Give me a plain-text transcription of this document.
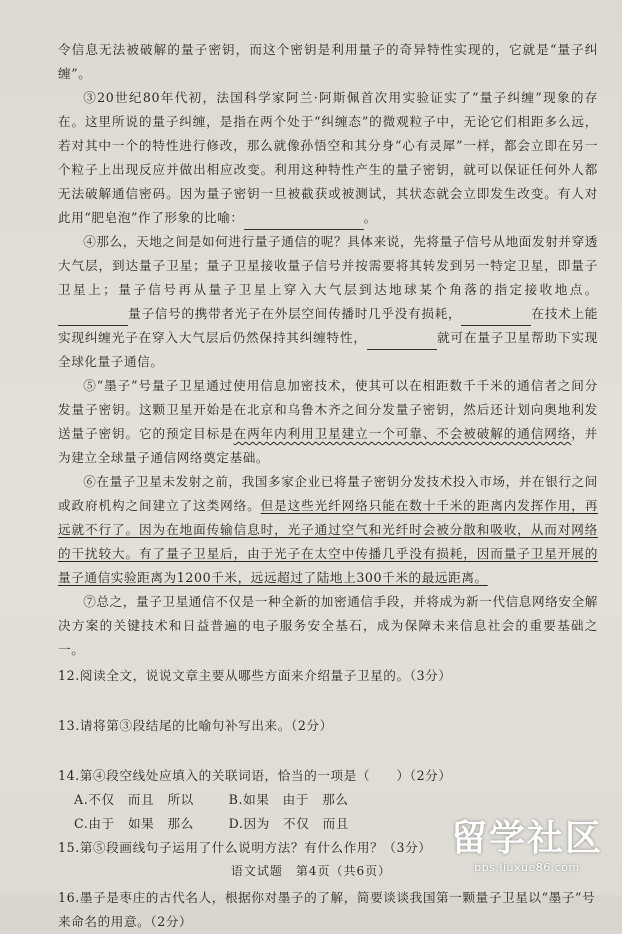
令信息无法被破解的量子密钥，而这个密钥是利用量子的奇异特性实现的，它就是“量子纠缠”。

③20世纪80年代初，法国科学家阿兰·阿斯佩首次用实验证实了“量子纠缠”现象的存在。这里所说的量子纠缠，是指在两个处于“纠缠态”的微观粒子中，无论它们相距多么远，若对其中一个的特性进行修改，那么就像孙悟空和其分身“心有灵犀”一样，都会立即在另一个粒子上出现反应并做出相应改变。利用这种特性产生的量子密钥，就可以保证任何外人都无法破解通信密码。因为量子密钥一旦被截获或被测试，其状态就会立即发生改变。有人对此用“肥皂泡”作了形象的比喻：	。

④那么，天地之间是如何进行量子通信的呢？具体来说，先将量子信号从地面发射并穿透大气层，到达量子卫星；量子卫星接收量子信号并按需要将其转发到另一特定卫星，即量子卫星上；量子信号再从量子卫星上穿入大气层到达地球某个角落的指定接收地点。量子信号的携带者光子在外层空间传播时几乎没有损耗，	在技术上能实现纠缠光子在穿入大气层后仍然保持其纠缠特性，	就可在量子卫星帮助下实现全球化量子通信。

⑤“墨子”号量子卫星通过使用信息加密技术，使其可以在相距数千千米的通信者之间分发量子密钥。这颗卫星开始是在北京和乌鲁木齐之间分发量子密钥，然后还计划向奥地利发送量子密钥。它的预定目标是在两年内利用卫星建立一个可靠、不会被破解的通信网络，并为建立全球量子通信网络奠定基础。

⑥在量子卫星未发射之前，我国多家企业已将量子密钥分发技术投入市场，并在银行之间或政府机构之间建立了这类网络。但是这些光纤网络只能在数十千米的距离内发挥作用，再远就不行了。因为在地面传输信息时，光子通过空气和光纤时会被分散和吸收，从而对网络的干扰较大。有了量子卫星后，由于光子在太空中传播几乎没有损耗，因而量子卫星开展的量子通信实验距离为1200千米，远远超过了陆地上300千米的最远距离。

⑦总之，量子卫星通信不仅是一种全新的加密通信手段，并将成为新一代信息网络安全解决方案的关键技术和日益普遍的电子服务安全基石，成为保障未来信息社会的重要基础之一。

12.阅读全文，说说文章主要从哪些方面来介绍量子卫星的。（3分）

13.请将第③段结尾的比喻句补写出来。（2分）

14.第④段空线处应填入的关联词语，恰当的一项是（　　）（2分）

A.不仅　而且　所以	B.如果　由于　那么
C.由于　如果　那么	D.因为　不仅　而且

15.第⑤段画线句子运用了什么说明方法？有什么作用？（3分）

16.墨子是枣庄的古代名人，根据你对墨子的了解，简要谈谈我国第一颗量子卫星以“墨子”号来命名的用意。（2分）

语文试题　第4页（共6页）
留学社区
bbs.liuxue86.com
